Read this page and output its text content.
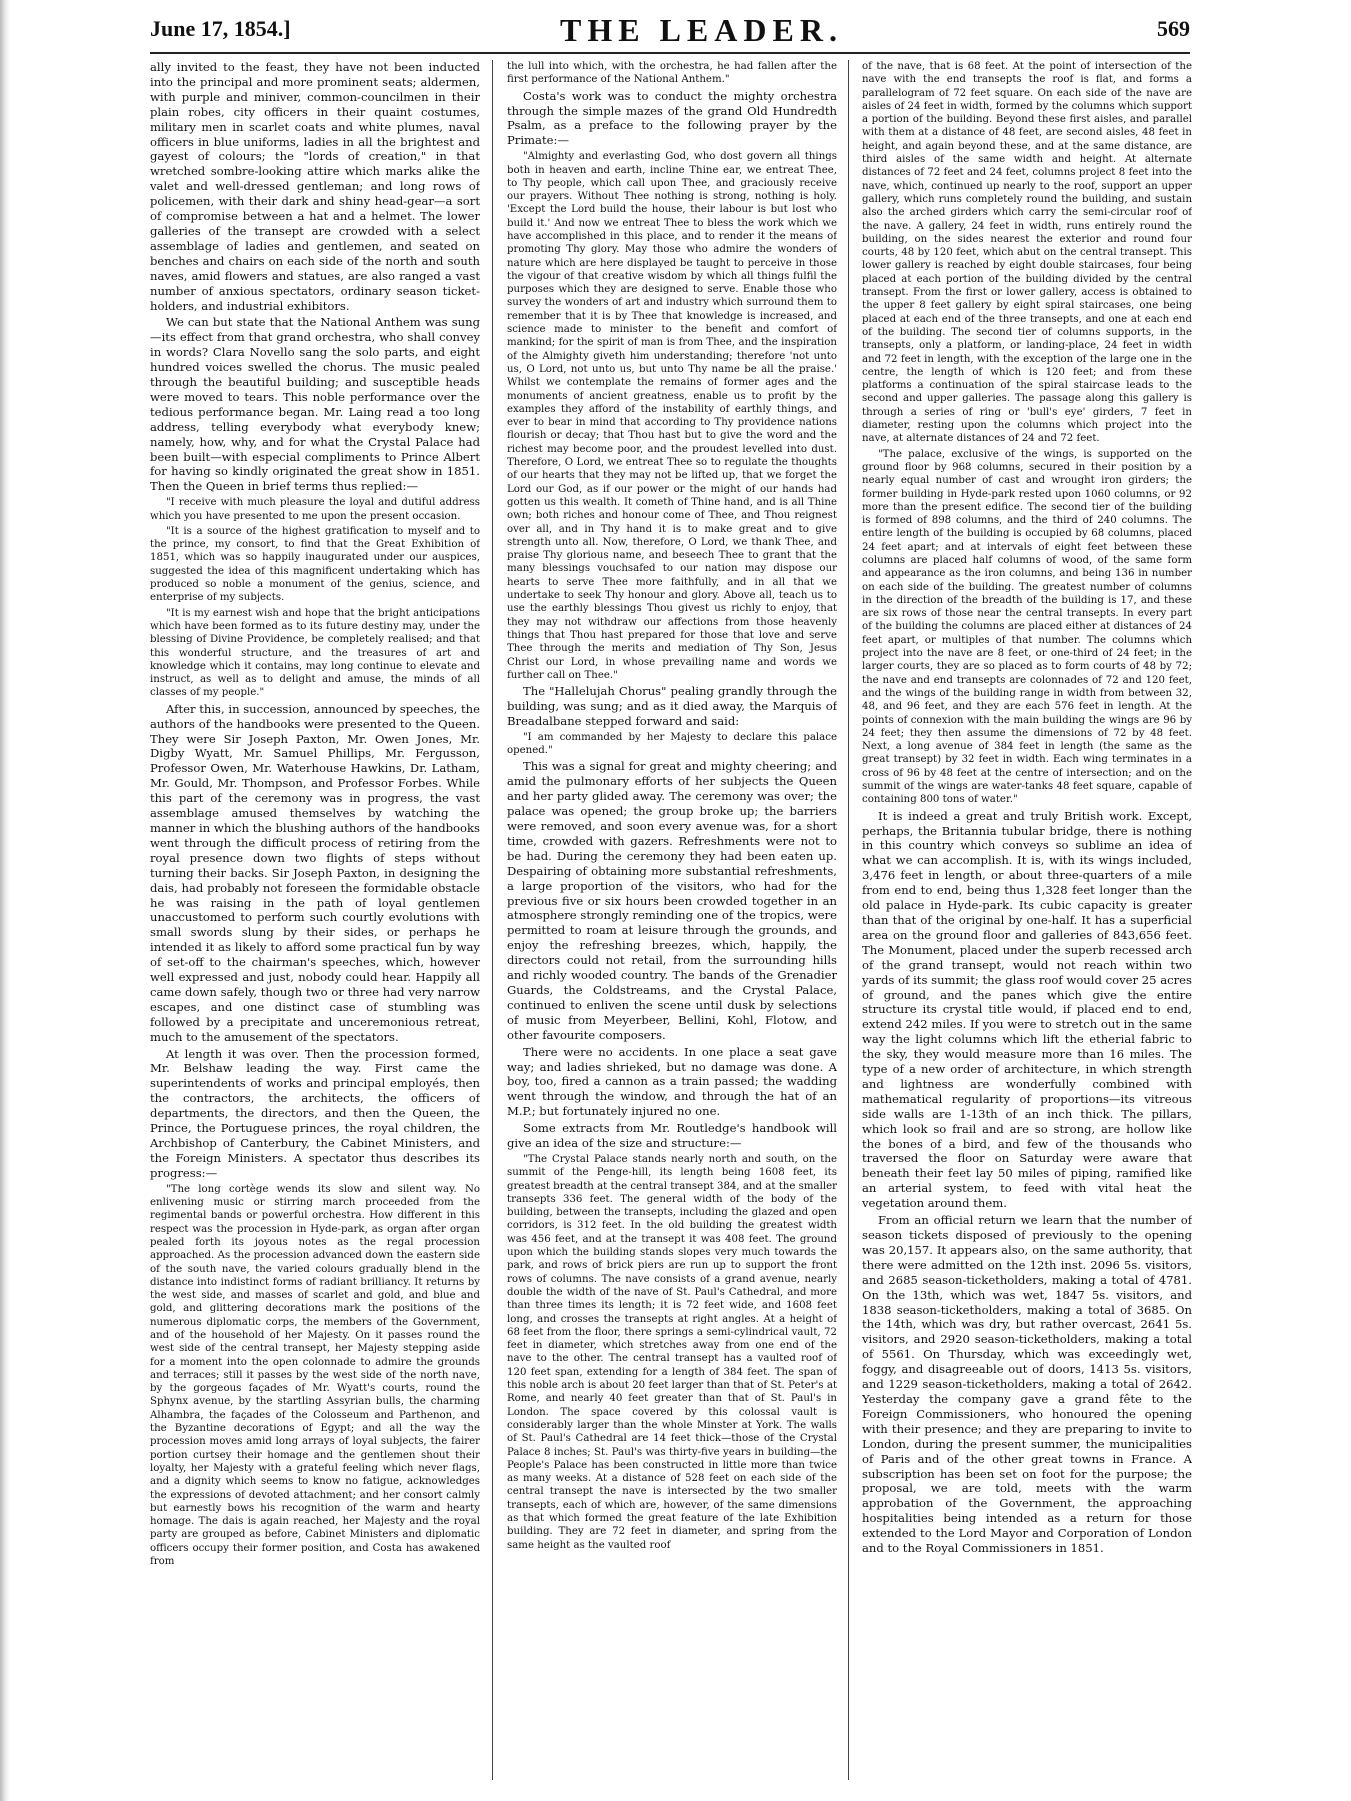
June 17, 1854.]	THE LEADER.	569

ally invited to the feast, they have not been inducted into the principal and more prominent seats; aldermen, with purple and miniver, common-councilmen in their plain robes, city officers in their quaint costumes, military men in scarlet coats and white plumes, naval officers in blue uniforms, ladies in all the brightest and gayest of colours; the "lords of creation," in that wretched sombre-looking attire which marks alike the valet and well-dressed gentleman; and long rows of policemen, with their dark and shiny head-gear—a sort of compromise between a hat and a helmet. The lower galleries of the transept are crowded with a select assemblage of ladies and gentlemen, and seated on benches and chairs on each side of the north and south naves, amid flowers and statues, are also ranged a vast number of anxious spectators, ordinary season ticket-holders, and industrial exhibitors.

We can but state that the National Anthem was sung—its effect from that grand orchestra, who shall convey in words? Clara Novello sang the solo parts, and eight hundred voices swelled the chorus. The music pealed through the beautiful building; and susceptible heads were moved to tears. This noble performance over the tedious performance began. Mr. Laing read a too long address, telling everybody what everybody knew; namely, how, why, and for what the Crystal Palace had been built—with especial compliments to Prince Albert for having so kindly originated the great show in 1851. Then the Queen in brief terms thus replied:—

"I receive with much pleasure the loyal and dutiful address which you have presented to me upon the present occasion.

"It is a source of the highest gratification to myself and to the prince, my consort, to find that the Great Exhibition of 1851, which was so happily inaugurated under our auspices, suggested the idea of this magnificent undertaking which has produced so noble a monument of the genius, science, and enterprise of my subjects.

"It is my earnest wish and hope that the bright anticipations which have been formed as to its future destiny may, under the blessing of Divine Providence, be completely realised; and that this wonderful structure, and the treasures of art and knowledge which it contains, may long continue to elevate and instruct, as well as to delight and amuse, the minds of all classes of my people."

After this, in succession, announced by speeches, the authors of the handbooks were presented to the Queen. They were Sir Joseph Paxton, Mr. Owen Jones, Mr. Digby Wyatt, Mr. Samuel Phillips, Mr. Fergusson, Professor Owen, Mr. Waterhouse Hawkins, Dr. Latham, Mr. Gould, Mr. Thompson, and Professor Forbes. While this part of the ceremony was in progress, the vast assemblage amused themselves by watching the manner in which the blushing authors of the handbooks went through the difficult process of retiring from the royal presence down two flights of steps without turning their backs. Sir Joseph Paxton, in designing the dais, had probably not foreseen the formidable obstacle he was raising in the path of loyal gentlemen unaccustomed to perform such courtly evolutions with small swords slung by their sides, or perhaps he intended it as likely to afford some practical fun by way of set-off to the chairman's speeches, which, however well expressed and just, nobody could hear. Happily all came down safely, though two or three had very narrow escapes, and one distinct case of stumbling was followed by a precipitate and unceremonious retreat, much to the amusement of the spectators.

At length it was over. Then the procession formed, Mr. Belshaw leading the way. First came the superintendents of works and principal employés, then the contractors, the architects, the officers of departments, the directors, and then the Queen, the Prince, the Portuguese princes, the royal children, the Archbishop of Canterbury, the Cabinet Ministers, and the Foreign Ministers. A spectator thus describes its progress:—

"The long cortège wends its slow and silent way. No enlivening music or stirring march proceeded from the regimental bands or powerful orchestra. How different in this respect was the procession in Hyde-park, as organ after organ pealed forth its joyous notes as the regal procession approached. As the procession advanced down the eastern side of the south nave, the varied colours gradually blend in the distance into indistinct forms of radiant brilliancy. It returns by the west side, and masses of scarlet and gold, and blue and gold, and glittering decorations mark the positions of the numerous diplomatic corps, the members of the Government, and of the household of her Majesty. On it passes round the west side of the central transept, her Majesty stepping aside for a moment into the open colonnade to admire the grounds and terraces; still it passes by the west side of the north nave, by the gorgeous façades of Mr. Wyatt's courts, round the Sphynx avenue, by the startling Assyrian bulls, the charming Alhambra, the façades of the Colosseum and Parthenon, and the Byzantine decorations of Egypt; and all the way the procession moves amid long arrays of loyal subjects, the fairer portion curtsey their homage and the gentlemen shout their loyalty, her Majesty with a grateful feeling which never flags, and a dignity which seems to know no fatigue, acknowledges the expressions of devoted attachment; and her consort calmly but earnestly bows his recognition of the warm and hearty homage. The dais is again reached, her Majesty and the royal party are grouped as before, Cabinet Ministers and diplomatic officers occupy their former position, and Costa has awakened from

the lull into which, with the orchestra, he had fallen after the first performance of the National Anthem."

Costa's work was to conduct the mighty orchestra through the simple mazes of the grand Old Hundredth Psalm, as a preface to the following prayer by the Primate:—

"Almighty and everlasting God, who dost govern all things both in heaven and earth, incline Thine ear, we entreat Thee, to Thy people, which call upon Thee, and graciously receive our prayers. Without Thee nothing is strong, nothing is holy. 'Except the Lord build the house, their labour is but lost who build it.' And now we entreat Thee to bless the work which we have accomplished in this place, and to render it the means of promoting Thy glory. May those who admire the wonders of nature which are here displayed be taught to perceive in those the vigour of that creative wisdom by which all things fulfil the purposes which they are designed to serve. Enable those who survey the wonders of art and industry which surround them to remember that it is by Thee that knowledge is increased, and science made to minister to the benefit and comfort of mankind; for the spirit of man is from Thee, and the inspiration of the Almighty giveth him understanding; therefore 'not unto us, O Lord, not unto us, but unto Thy name be all the praise.' Whilst we contemplate the remains of former ages and the monuments of ancient greatness, enable us to profit by the examples they afford of the instability of earthly things, and ever to bear in mind that according to Thy providence nations flourish or decay; that Thou hast but to give the word and the richest may become poor, and the proudest levelled into dust. Therefore, O Lord, we entreat Thee so to regulate the thoughts of our hearts that they may not be lifted up, that we forget the Lord our God, as if our power or the might of our hands had gotten us this wealth. It cometh of Thine hand, and is all Thine own; both riches and honour come of Thee, and Thou reignest over all, and in Thy hand it is to make great and to give strength unto all. Now, therefore, O Lord, we thank Thee, and praise Thy glorious name, and beseech Thee to grant that the many blessings vouchsafed to our nation may dispose our hearts to serve Thee more faithfully, and in all that we undertake to seek Thy honour and glory. Above all, teach us to use the earthly blessings Thou givest us richly to enjoy, that they may not withdraw our affections from those heavenly things that Thou hast prepared for those that love and serve Thee through the merits and mediation of Thy Son, Jesus Christ our Lord, in whose prevailing name and words we further call on Thee."

The "Hallelujah Chorus" pealing grandly through the building, was sung; and as it died away, the Marquis of Breadalbane stepped forward and said:

"I am commanded by her Majesty to declare this palace opened."

This was a signal for great and mighty cheering; and amid the pulmonary efforts of her subjects the Queen and her party glided away. The ceremony was over; the palace was opened; the group broke up; the barriers were removed, and soon every avenue was, for a short time, crowded with gazers. Refreshments were not to be had. During the ceremony they had been eaten up. Despairing of obtaining more substantial refreshments, a large proportion of the visitors, who had for the previous five or six hours been crowded together in an atmosphere strongly reminding one of the tropics, were permitted to roam at leisure through the grounds, and enjoy the refreshing breezes, which, happily, the directors could not retail, from the surrounding hills and richly wooded country. The bands of the Grenadier Guards, the Coldstreams, and the Crystal Palace, continued to enliven the scene until dusk by selections of music from Meyerbeer, Bellini, Kohl, Flotow, and other favourite composers.

There were no accidents. In one place a seat gave way; and ladies shrieked, but no damage was done. A boy, too, fired a cannon as a train passed; the wadding went through the window, and through the hat of an M.P.; but fortunately injured no one.

Some extracts from Mr. Routledge's handbook will give an idea of the size and structure:—

"The Crystal Palace stands nearly north and south, on the summit of the Penge-hill, its length being 1608 feet, its greatest breadth at the central transept 384, and at the smaller transepts 336 feet. The general width of the body of the building, between the transepts, including the glazed and open corridors, is 312 feet. In the old building the greatest width was 456 feet, and at the transept it was 408 feet. The ground upon which the building stands slopes very much towards the park, and rows of brick piers are run up to support the front rows of columns. The nave consists of a grand avenue, nearly double the width of the nave of St. Paul's Cathedral, and more than three times its length; it is 72 feet wide, and 1608 feet long, and crosses the transepts at right angles. At a height of 68 feet from the floor, there springs a semi-cylindrical vault, 72 feet in diameter, which stretches away from one end of the nave to the other. The central transept has a vaulted roof of 120 feet span, extending for a length of 384 feet. The span of this noble arch is about 20 feet larger than that of St. Peter's at Rome, and nearly 40 feet greater than that of St. Paul's in London. The space covered by this colossal vault is considerably larger than the whole Minster at York. The walls of St. Paul's Cathedral are 14 feet thick—those of the Crystal Palace 8 inches; St. Paul's was thirty-five years in building—the People's Palace has been constructed in little more than twice as many weeks. At a distance of 528 feet on each side of the central transept the nave is intersected by the two smaller transepts, each of which are, however, of the same dimensions as that which formed the great feature of the late Exhibition building. They are 72 feet in diameter, and spring from the same height as the vaulted roof

of the nave, that is 68 feet. At the point of intersection of the nave with the end transepts the roof is flat, and forms a parallelogram of 72 feet square. On each side of the nave are aisles of 24 feet in width, formed by the columns which support a portion of the building. Beyond these first aisles, and parallel with them at a distance of 48 feet, are second aisles, 48 feet in height, and again beyond these, and at the same distance, are third aisles of the same width and height. At alternate distances of 72 feet and 24 feet, columns project 8 feet into the nave, which, continued up nearly to the roof, support an upper gallery, which runs completely round the building, and sustain also the arched girders which carry the semi-circular roof of the nave. A gallery, 24 feet in width, runs entirely round the building, on the sides nearest the exterior and round four courts, 48 by 120 feet, which abut on the central transept. This lower gallery is reached by eight double staircases, four being placed at each portion of the building divided by the central transept. From the first or lower gallery, access is obtained to the upper 8 feet gallery by eight spiral staircases, one being placed at each end of the three transepts, and one at each end of the building. The second tier of columns supports, in the transepts, only a platform, or landing-place, 24 feet in width and 72 feet in length, with the exception of the large one in the centre, the length of which is 120 feet; and from these platforms a continuation of the spiral staircase leads to the second and upper galleries. The passage along this gallery is through a series of ring or 'bull's eye' girders, 7 feet in diameter, resting upon the columns which project into the nave, at alternate distances of 24 and 72 feet.

"The palace, exclusive of the wings, is supported on the ground floor by 968 columns, secured in their position by a nearly equal number of cast and wrought iron girders; the former building in Hyde-park rested upon 1060 columns, or 92 more than the present edifice. The second tier of the building is formed of 898 columns, and the third of 240 columns. The entire length of the building is occupied by 68 columns, placed 24 feet apart; and at intervals of eight feet between these columns are placed half columns of wood, of the same form and appearance as the iron columns, and being 136 in number on each side of the building. The greatest number of columns in the direction of the breadth of the building is 17, and these are six rows of those near the central transepts. In every part of the building the columns are placed either at distances of 24 feet apart, or multiples of that number. The columns which project into the nave are 8 feet, or one-third of 24 feet; in the larger courts, they are so placed as to form courts of 48 by 72; the nave and end transepts are colonnades of 72 and 120 feet, and the wings of the building range in width from between 32, 48, and 96 feet, and they are each 576 feet in length. At the points of connexion with the main building the wings are 96 by 24 feet; they then assume the dimensions of 72 by 48 feet. Next, a long avenue of 384 feet in length (the same as the great transept) by 32 feet in width. Each wing terminates in a cross of 96 by 48 feet at the centre of intersection; and on the summit of the wings are water-tanks 48 feet square, capable of containing 800 tons of water."

It is indeed a great and truly British work. Except, perhaps, the Britannia tubular bridge, there is nothing in this country which conveys so sublime an idea of what we can accomplish. It is, with its wings included, 3,476 feet in length, or about three-quarters of a mile from end to end, being thus 1,328 feet longer than the old palace in Hyde-park. Its cubic capacity is greater than that of the original by one-half. It has a superficial area on the ground floor and galleries of 843,656 feet. The Monument, placed under the superb recessed arch of the grand transept, would not reach within two yards of its summit; the glass roof would cover 25 acres of ground, and the panes which give the entire structure its crystal title would, if placed end to end, extend 242 miles. If you were to stretch out in the same way the light columns which lift the etherial fabric to the sky, they would measure more than 16 miles. The type of a new order of architecture, in which strength and lightness are wonderfully combined with mathematical regularity of proportions—its vitreous side walls are 1-13th of an inch thick. The pillars, which look so frail and are so strong, are hollow like the bones of a bird, and few of the thousands who traversed the floor on Saturday were aware that beneath their feet lay 50 miles of piping, ramified like an arterial system, to feed with vital heat the vegetation around them.

From an official return we learn that the number of season tickets disposed of previously to the opening was 20,157. It appears also, on the same authority, that there were admitted on the 12th inst. 2096 5s. visitors, and 2685 season-ticketholders, making a total of 4781. On the 13th, which was wet, 1847 5s. visitors, and 1838 season-ticketholders, making a total of 3685. On the 14th, which was dry, but rather overcast, 2641 5s. visitors, and 2920 season-ticketholders, making a total of 5561. On Thursday, which was exceedingly wet, foggy, and disagreeable out of doors, 1413 5s. visitors, and 1229 season-ticketholders, making a total of 2642. Yesterday the company gave a grand fête to the Foreign Commissioners, who honoured the opening with their presence; and they are preparing to invite to London, during the present summer, the municipalities of Paris and of the other great towns in France. A subscription has been set on foot for the purpose; the proposal, we are told, meets with the warm approbation of the Government, the approaching hospitalities being intended as a return for those extended to the Lord Mayor and Corporation of London and to the Royal Commissioners in 1851.
